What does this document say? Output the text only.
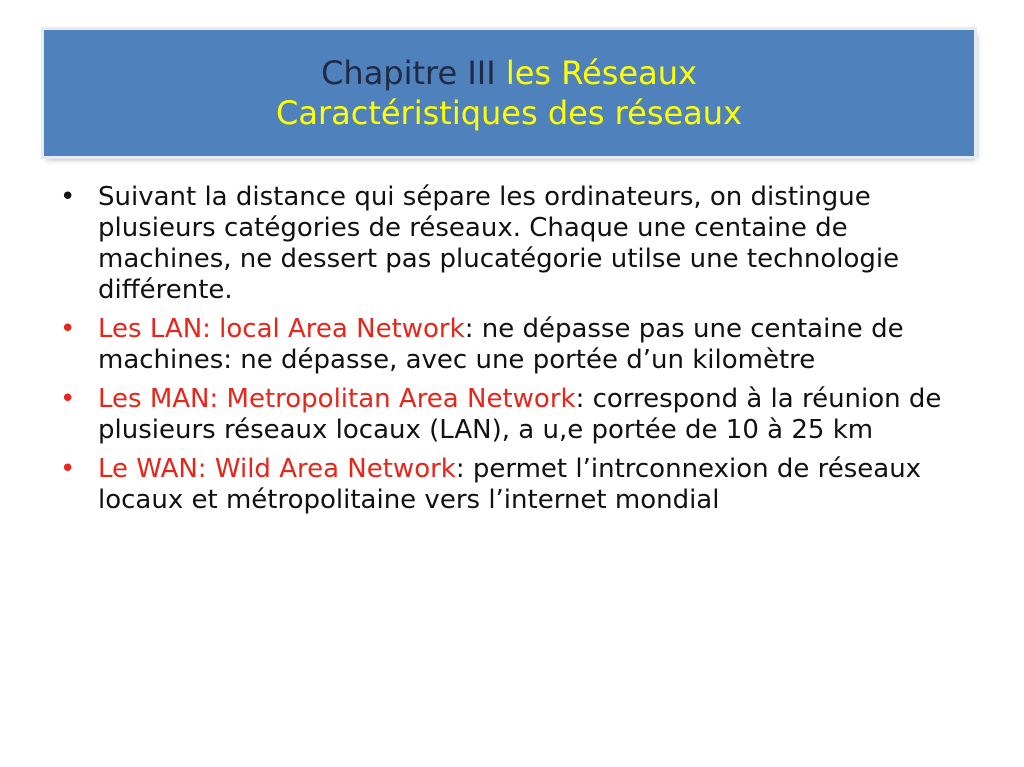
Chapitre III les Réseaux
Caractéristiques des réseaux
• Suivant la distance qui sépare les ordinateurs, on distingue plusieurs catégories de réseaux. Chaque une centaine de machines, ne dessert pas plucatégorie utilse une technologie différente.
• Les LAN: local Area Network: ne dépasse pas une centaine de machines: ne dépasse, avec une portée d’un kilomètre
• Les MAN: Metropolitan Area Network: correspond à la réunion de plusieurs réseaux locaux (LAN), a u,e portée de 10 à 25 km
• Le WAN: Wild Area Network: permet l’intrconnexion de réseaux locaux et métropolitaine vers l’internet mondial
